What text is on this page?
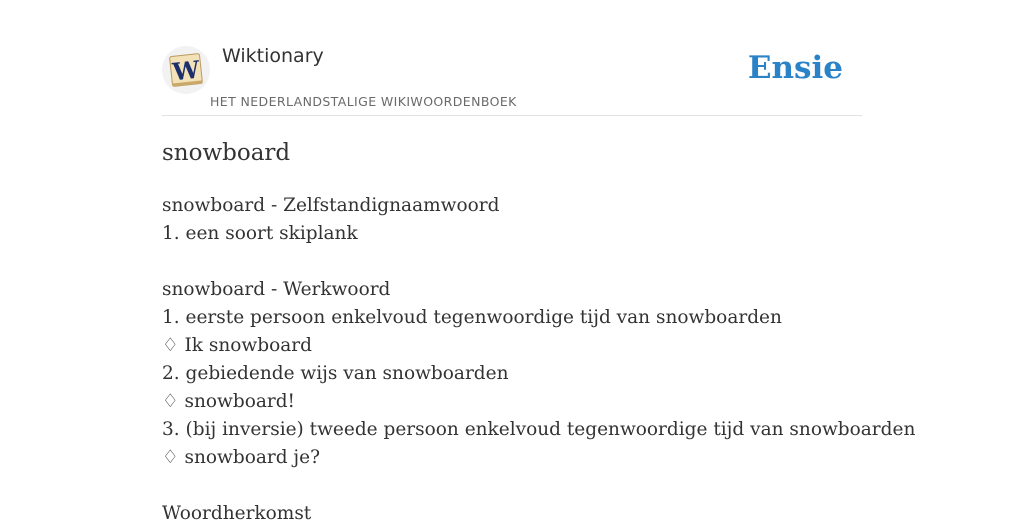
W Wiktionary
HET NEDERLANDSTALIGE WIKIWOORDENBOEK
Ensie
snowboard
snowboard - Zelfstandignaamwoord
1. een soort skiplank
snowboard - Werkwoord
1. eerste persoon enkelvoud tegenwoordige tijd van snowboarden
♢ Ik snowboard
2. gebiedende wijs van snowboarden
♢ snowboard!
3. (bij inversie) tweede persoon enkelvoud tegenwoordige tijd van snowboarden
♢ snowboard je?
Woordherkomst
